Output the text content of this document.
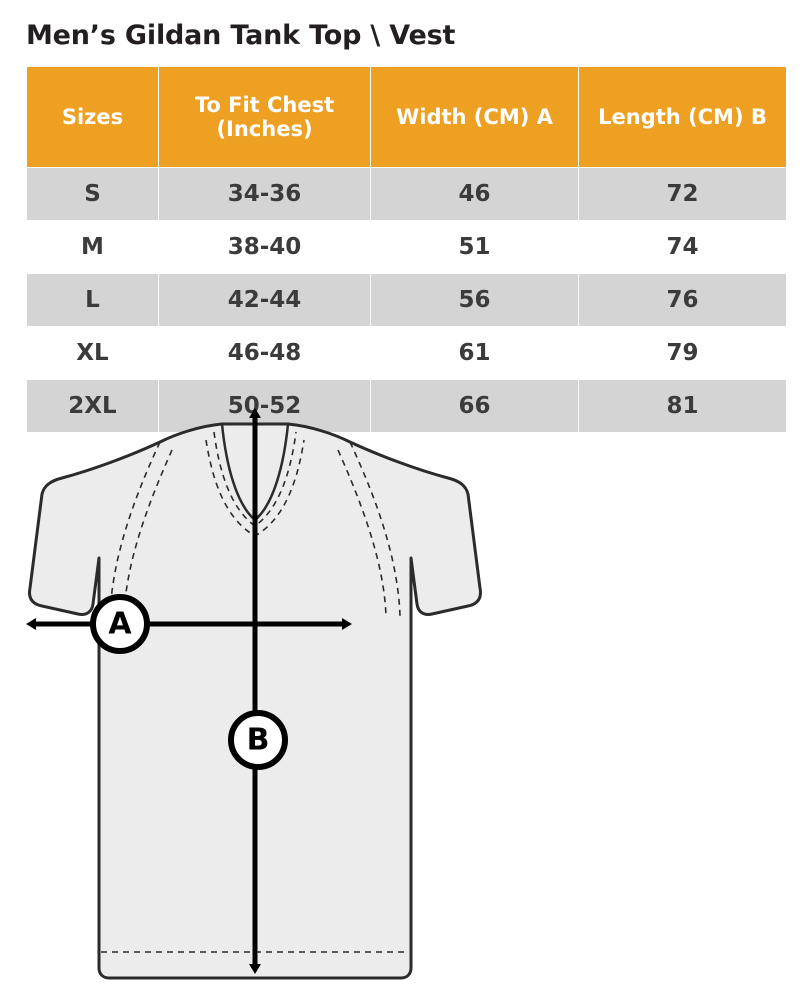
Men’s Gildan Tank Top \ Vest
Sizes	To Fit Chest (Inches)	Width (CM) A	Length (CM) B
S	34-36	46	72
M	38-40	51	74
L	42-44	56	76
XL	46-48	61	79
2XL	50-52	66	81
A
B
